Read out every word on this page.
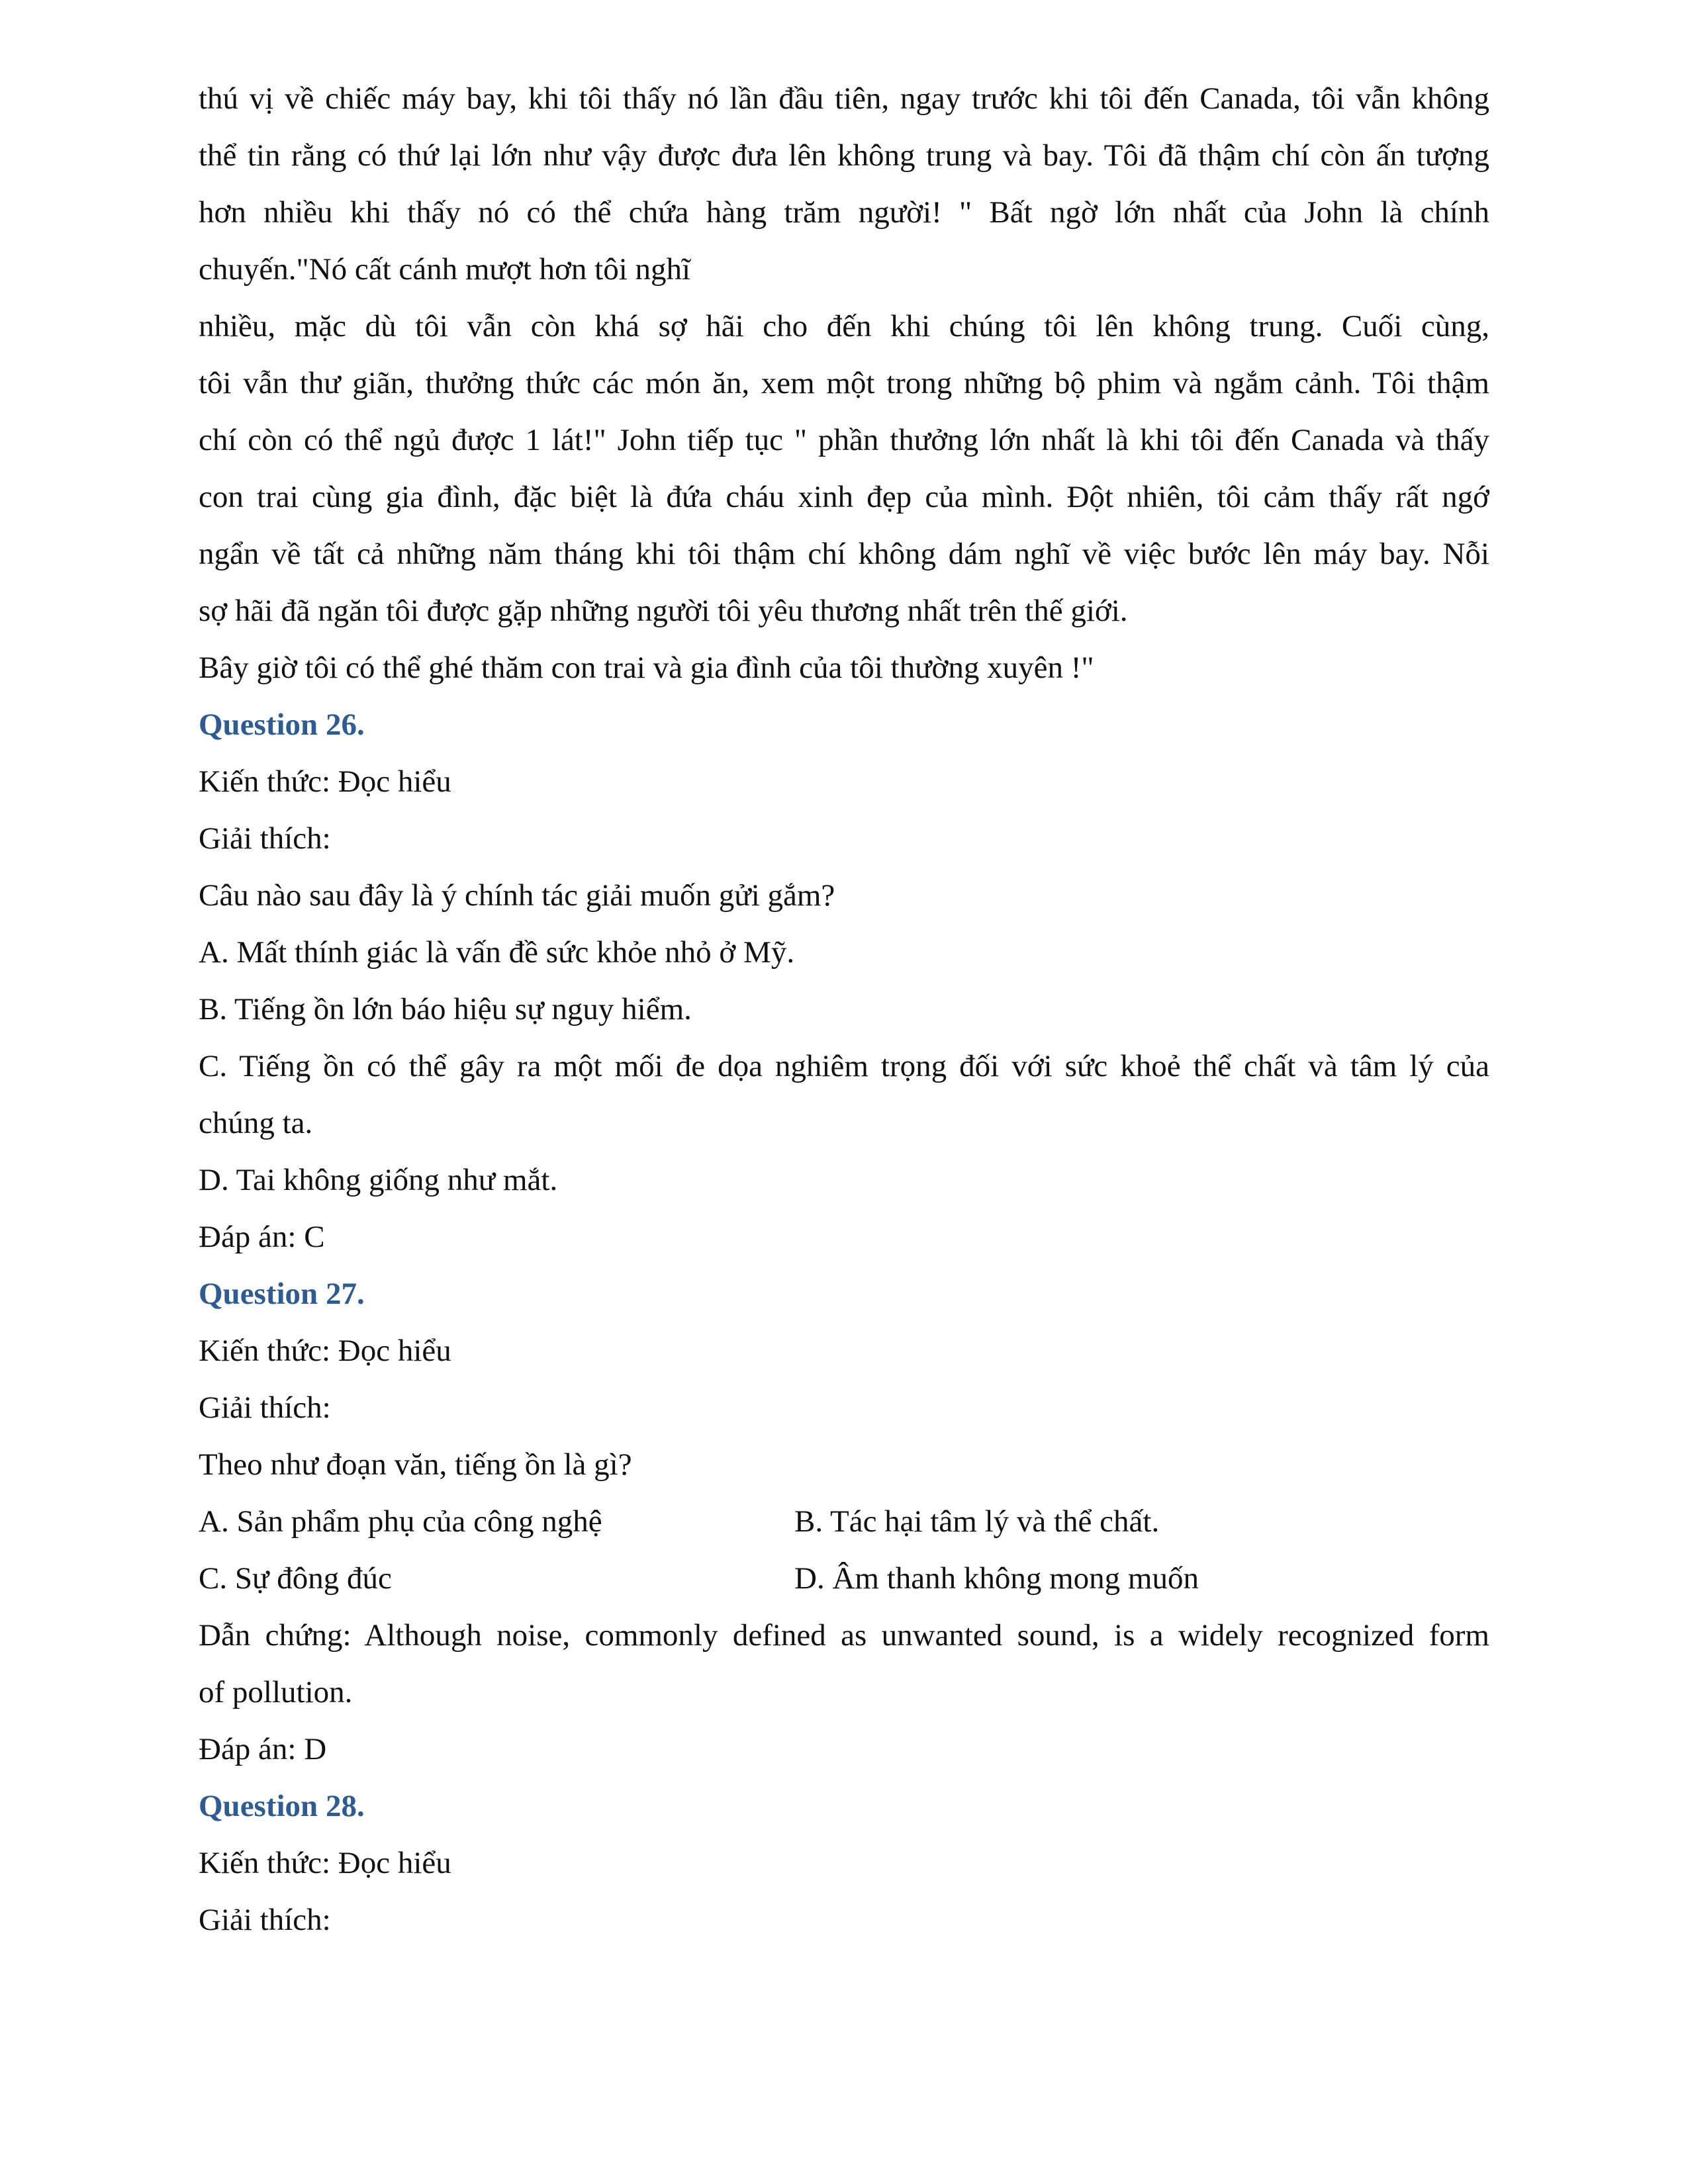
thú vị về chiếc máy bay, khi tôi thấy nó lần đầu tiên, ngay trước khi tôi đến Canada, tôi vẫn không
thể tin rằng có thứ lại lớn như vậy được đưa lên không trung và bay. Tôi đã thậm chí còn ấn tượng
hơn nhiều khi thấy nó có thể chứa hàng trăm người! " Bất ngờ lớn nhất của John là chính
chuyến."Nó cất cánh mượt hơn tôi nghĩ
nhiều, mặc dù tôi vẫn còn khá sợ hãi cho đến khi chúng tôi lên không trung. Cuối cùng,
tôi vẫn thư giãn, thưởng thức các món ăn, xem một trong những bộ phim và ngắm cảnh. Tôi thậm
chí còn có thể ngủ được 1 lát!" John tiếp tục " phần thưởng lớn nhất là khi tôi đến Canada và thấy
con trai cùng gia đình, đặc biệt là đứa cháu xinh đẹp của mình. Đột nhiên, tôi cảm thấy rất ngớ
ngẩn về tất cả những năm tháng khi tôi thậm chí không dám nghĩ về việc bước lên máy bay. Nỗi
sợ hãi đã ngăn tôi được gặp những người tôi yêu thương nhất trên thế giới.
Bây giờ tôi có thể ghé thăm con trai và gia đình của tôi thường xuyên !"
Question 26.
Kiến thức: Đọc hiểu
Giải thích:
Câu nào sau đây là ý chính tác giải muốn gửi gắm?
A. Mất thính giác là vấn đề sức khỏe nhỏ ở Mỹ.
B. Tiếng ồn lớn báo hiệu sự nguy hiểm.
C. Tiếng ồn có thể gây ra một mối đe dọa nghiêm trọng đối với sức khoẻ thể chất và tâm lý của
chúng ta.
D. Tai không giống như mắt.
Đáp án: C
Question 27.
Kiến thức: Đọc hiểu
Giải thích:
Theo như đoạn văn, tiếng ồn là gì?
A. Sản phẩm phụ của công nghệ	B. Tác hại tâm lý và thể chất.
C. Sự đông đúc	D. Âm thanh không mong muốn
Dẫn chứng: Although noise, commonly defined as unwanted sound, is a widely recognized form
of pollution.
Đáp án: D
Question 28.
Kiến thức: Đọc hiểu
Giải thích:
